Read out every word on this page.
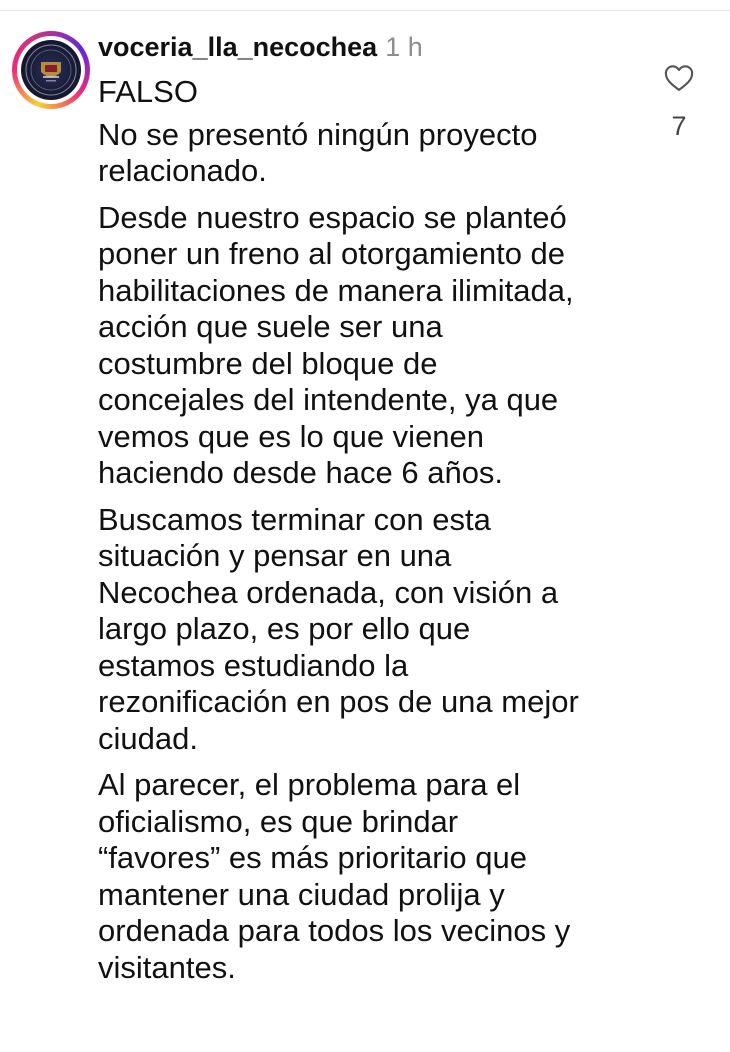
voceria_lla_necochea 1 h

FALSO

No se presentó ningún proyecto
relacionado.

Desde nuestro espacio se planteó
poner un freno al otorgamiento de
habilitaciones de manera ilimitada,
acción que suele ser una
costumbre del bloque de
concejales del intendente, ya que
vemos que es lo que vienen
haciendo desde hace 6 años.

Buscamos terminar con esta
situación y pensar en una
Necochea ordenada, con visión a
largo plazo, es por ello que
estamos estudiando la
rezonificación en pos de una mejor
ciudad.

Al parecer, el problema para el
oficialismo, es que brindar
“favores” es más prioritario que
mantener una ciudad prolija y
ordenada para todos los vecinos y
visitantes.

7
